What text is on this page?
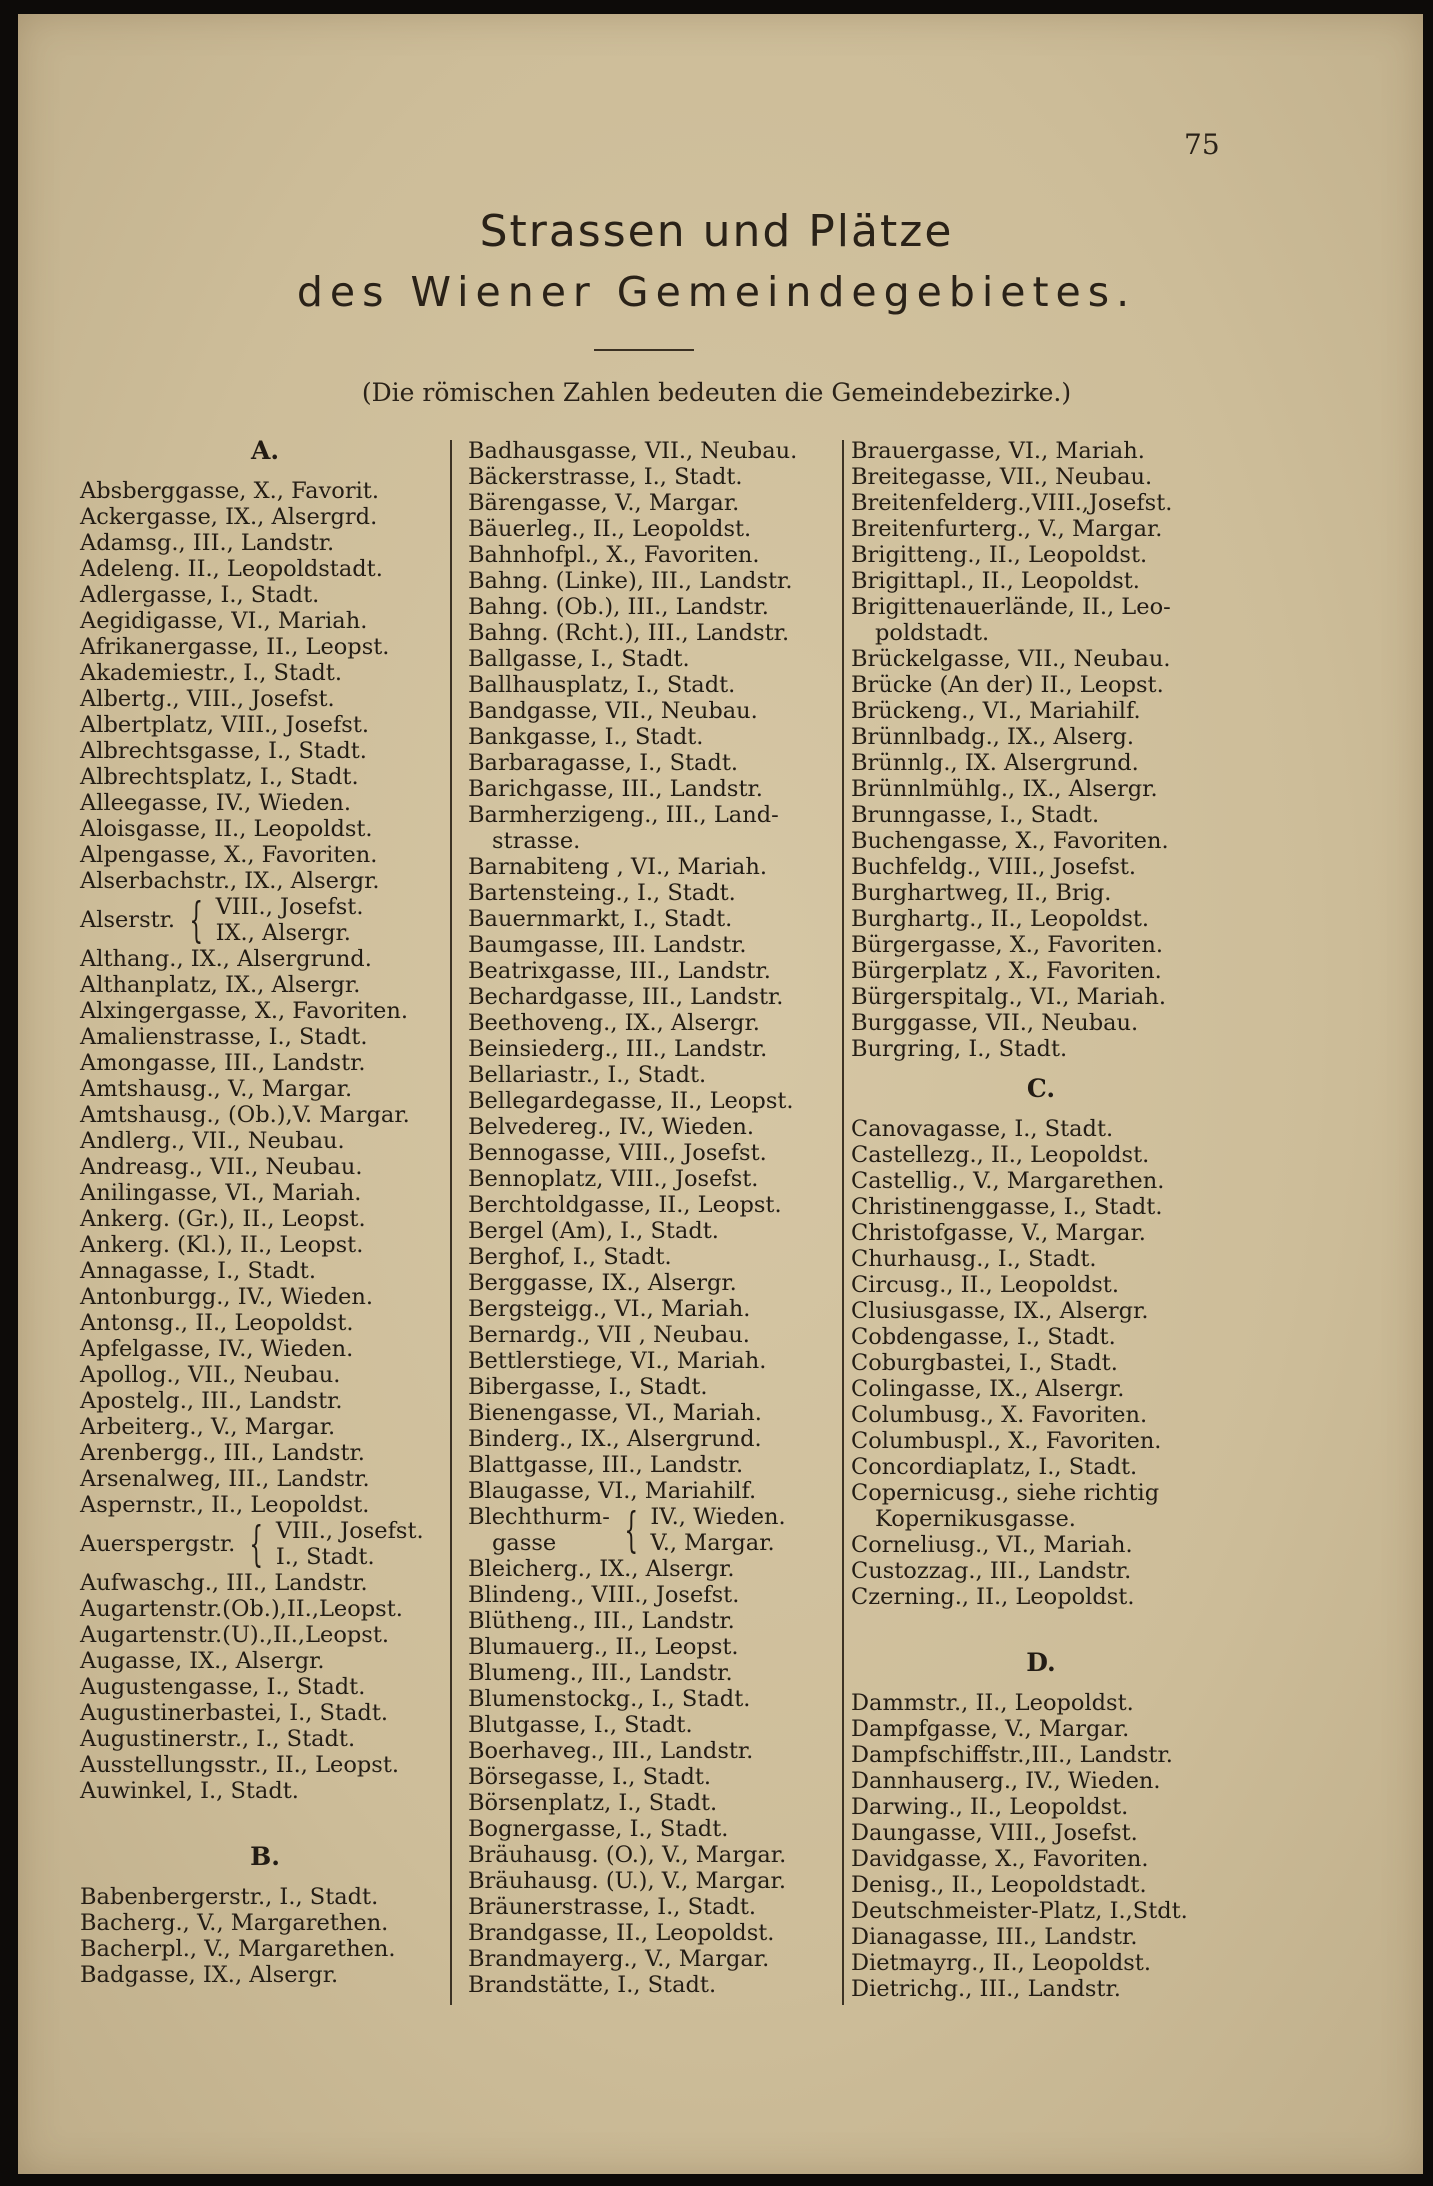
75
Strassen und Plätze
des Wiener Gemeindegebietes.
(Die römischen Zahlen bedeuten die Gemeindebezirke.)
A.
Absberggasse, X., Favorit.
Ackergasse, IX., Alsergrd.
Adamsg., III., Landstr.
Adeleng. II., Leopoldstadt.
Adlergasse, I., Stadt.
Aegidigasse, VI., Mariah.
Afrikanergasse, II., Leopst.
Akademiestr., I., Stadt.
Albertg., VIII., Josefst.
Albertplatz, VIII., Josefst.
Albrechtsgasse, I., Stadt.
Albrechtsplatz, I., Stadt.
Alleegasse, IV., Wieden.
Aloisgasse, II., Leopoldst.
Alpengasse, X., Favoriten.
Alserbachstr., IX., Alsergr.
Alserstr. { VIII., Josefst.
IX., Alsergr.
Althang., IX., Alsergrund.
Althanplatz, IX., Alsergr.
Alxingergasse, X., Favoriten.
Amalienstrasse, I., Stadt.
Amongasse, III., Landstr.
Amtshausg., V., Margar.
Amtshausg., (Ob.),V. Margar.
Andlerg., VII., Neubau.
Andreasg., VII., Neubau.
Anilingasse, VI., Mariah.
Ankerg. (Gr.), II., Leopst.
Ankerg. (Kl.), II., Leopst.
Annagasse, I., Stadt.
Antonburgg., IV., Wieden.
Antonsg., II., Leopoldst.
Apfelgasse, IV., Wieden.
Apollog., VII., Neubau.
Apostelg., III., Landstr.
Arbeiterg., V., Margar.
Arenbergg., III., Landstr.
Arsenalweg, III., Landstr.
Aspernstr., II., Leopoldst.
Auerspergstr. { VIII., Josefst.
I., Stadt.
Aufwaschg., III., Landstr.
Augartenstr.(Ob.),II.,Leopst.
Augartenstr.(U).,II.,Leopst.
Augasse, IX., Alsergr.
Augustengasse, I., Stadt.
Augustinerbastei, I., Stadt.
Augustinerstr., I., Stadt.
Ausstellungsstr., II., Leopst.
Auwinkel, I., Stadt.
B.
Babenbergerstr., I., Stadt.
Bacherg., V., Margarethen.
Bacherpl., V., Margarethen.
Badgasse, IX., Alsergr.
Badhausgasse, VII., Neubau.
Bäckerstrasse, I., Stadt.
Bärengasse, V., Margar.
Bäuerleg., II., Leopoldst.
Bahnhofpl., X., Favoriten.
Bahng. (Linke), III., Landstr.
Bahng. (Ob.), III., Landstr.
Bahng. (Rcht.), III., Landstr.
Ballgasse, I., Stadt.
Ballhausplatz, I., Stadt.
Bandgasse, VII., Neubau.
Bankgasse, I., Stadt.
Barbaragasse, I., Stadt.
Barichgasse, III., Landstr.
Barmherzigeng., III., Land-
strasse.
Barnabiteng , VI., Mariah.
Bartensteing., I., Stadt.
Bauernmarkt, I., Stadt.
Baumgasse, III. Landstr.
Beatrixgasse, III., Landstr.
Bechardgasse, III., Landstr.
Beethoveng., IX., Alsergr.
Beinsiederg., III., Landstr.
Bellariastr., I., Stadt.
Bellegardegasse, II., Leopst.
Belvedereg., IV., Wieden.
Bennogasse, VIII., Josefst.
Bennoplatz, VIII., Josefst.
Berchtoldgasse, II., Leopst.
Bergel (Am), I., Stadt.
Berghof, I., Stadt.
Berggasse, IX., Alsergr.
Bergsteigg., VI., Mariah.
Bernardg., VII , Neubau.
Bettlerstiege, VI., Mariah.
Bibergasse, I., Stadt.
Bienengasse, VI., Mariah.
Binderg., IX., Alsergrund.
Blattgasse, III., Landstr.
Blaugasse, VI., Mariahilf.
Blechthurm-
gasse	{ IV., Wieden.
V., Margar.
Bleicherg., IX., Alsergr.
Blindeng., VIII., Josefst.
Blütheng., III., Landstr.
Blumauerg., II., Leopst.
Blumeng., III., Landstr.
Blumenstockg., I., Stadt.
Blutgasse, I., Stadt.
Boerhaveg., III., Landstr.
Börsegasse, I., Stadt.
Börsenplatz, I., Stadt.
Bognergasse, I., Stadt.
Bräuhausg. (O.), V., Margar.
Bräuhausg. (U.), V., Margar.
Bräunerstrasse, I., Stadt.
Brandgasse, II., Leopoldst.
Brandmayerg., V., Margar.
Brandstätte, I., Stadt.
Brauergasse, VI., Mariah.
Breitegasse, VII., Neubau.
Breitenfelderg.,VIII.,Josefst.
Breitenfurterg., V., Margar.
Brigitteng., II., Leopoldst.
Brigittapl., II., Leopoldst.
Brigittenauerlände, II., Leo-
poldstadt.
Brückelgasse, VII., Neubau.
Brücke (An der) II., Leopst.
Brückeng., VI., Mariahilf.
Brünnlbadg., IX., Alserg.
Brünnlg., IX. Alsergrund.
Brünnlmühlg., IX., Alsergr.
Brunngasse, I., Stadt.
Buchengasse, X., Favoriten.
Buchfeldg., VIII., Josefst.
Burghartweg, II., Brig.
Burghartg., II., Leopoldst.
Bürgergasse, X., Favoriten.
Bürgerplatz , X., Favoriten.
Bürgerspitalg., VI., Mariah.
Burggasse, VII., Neubau.
Burgring, I., Stadt.
C.
Canovagasse, I., Stadt.
Castellezg., II., Leopoldst.
Castellig., V., Margarethen.
Christinenggasse, I., Stadt.
Christofgasse, V., Margar.
Churhausg., I., Stadt.
Circusg., II., Leopoldst.
Clusiusgasse, IX., Alsergr.
Cobdengasse, I., Stadt.
Coburgbastei, I., Stadt.
Colingasse, IX., Alsergr.
Columbusg., X. Favoriten.
Columbuspl., X., Favoriten.
Concordiaplatz, I., Stadt.
Copernicusg., siehe richtig
Kopernikusgasse.
Corneliusg., VI., Mariah.
Custozzag., III., Landstr.
Czerning., II., Leopoldst.
D.
Dammstr., II., Leopoldst.
Dampfgasse, V., Margar.
Dampfschiffstr.,III., Landstr.
Dannhauserg., IV., Wieden.
Darwing., II., Leopoldst.
Daungasse, VIII., Josefst.
Davidgasse, X., Favoriten.
Denisg., II., Leopoldstadt.
Deutschmeister-Platz, I.,Stdt.
Dianagasse, III., Landstr.
Dietmayrg., II., Leopoldst.
Dietrichg., III., Landstr.
